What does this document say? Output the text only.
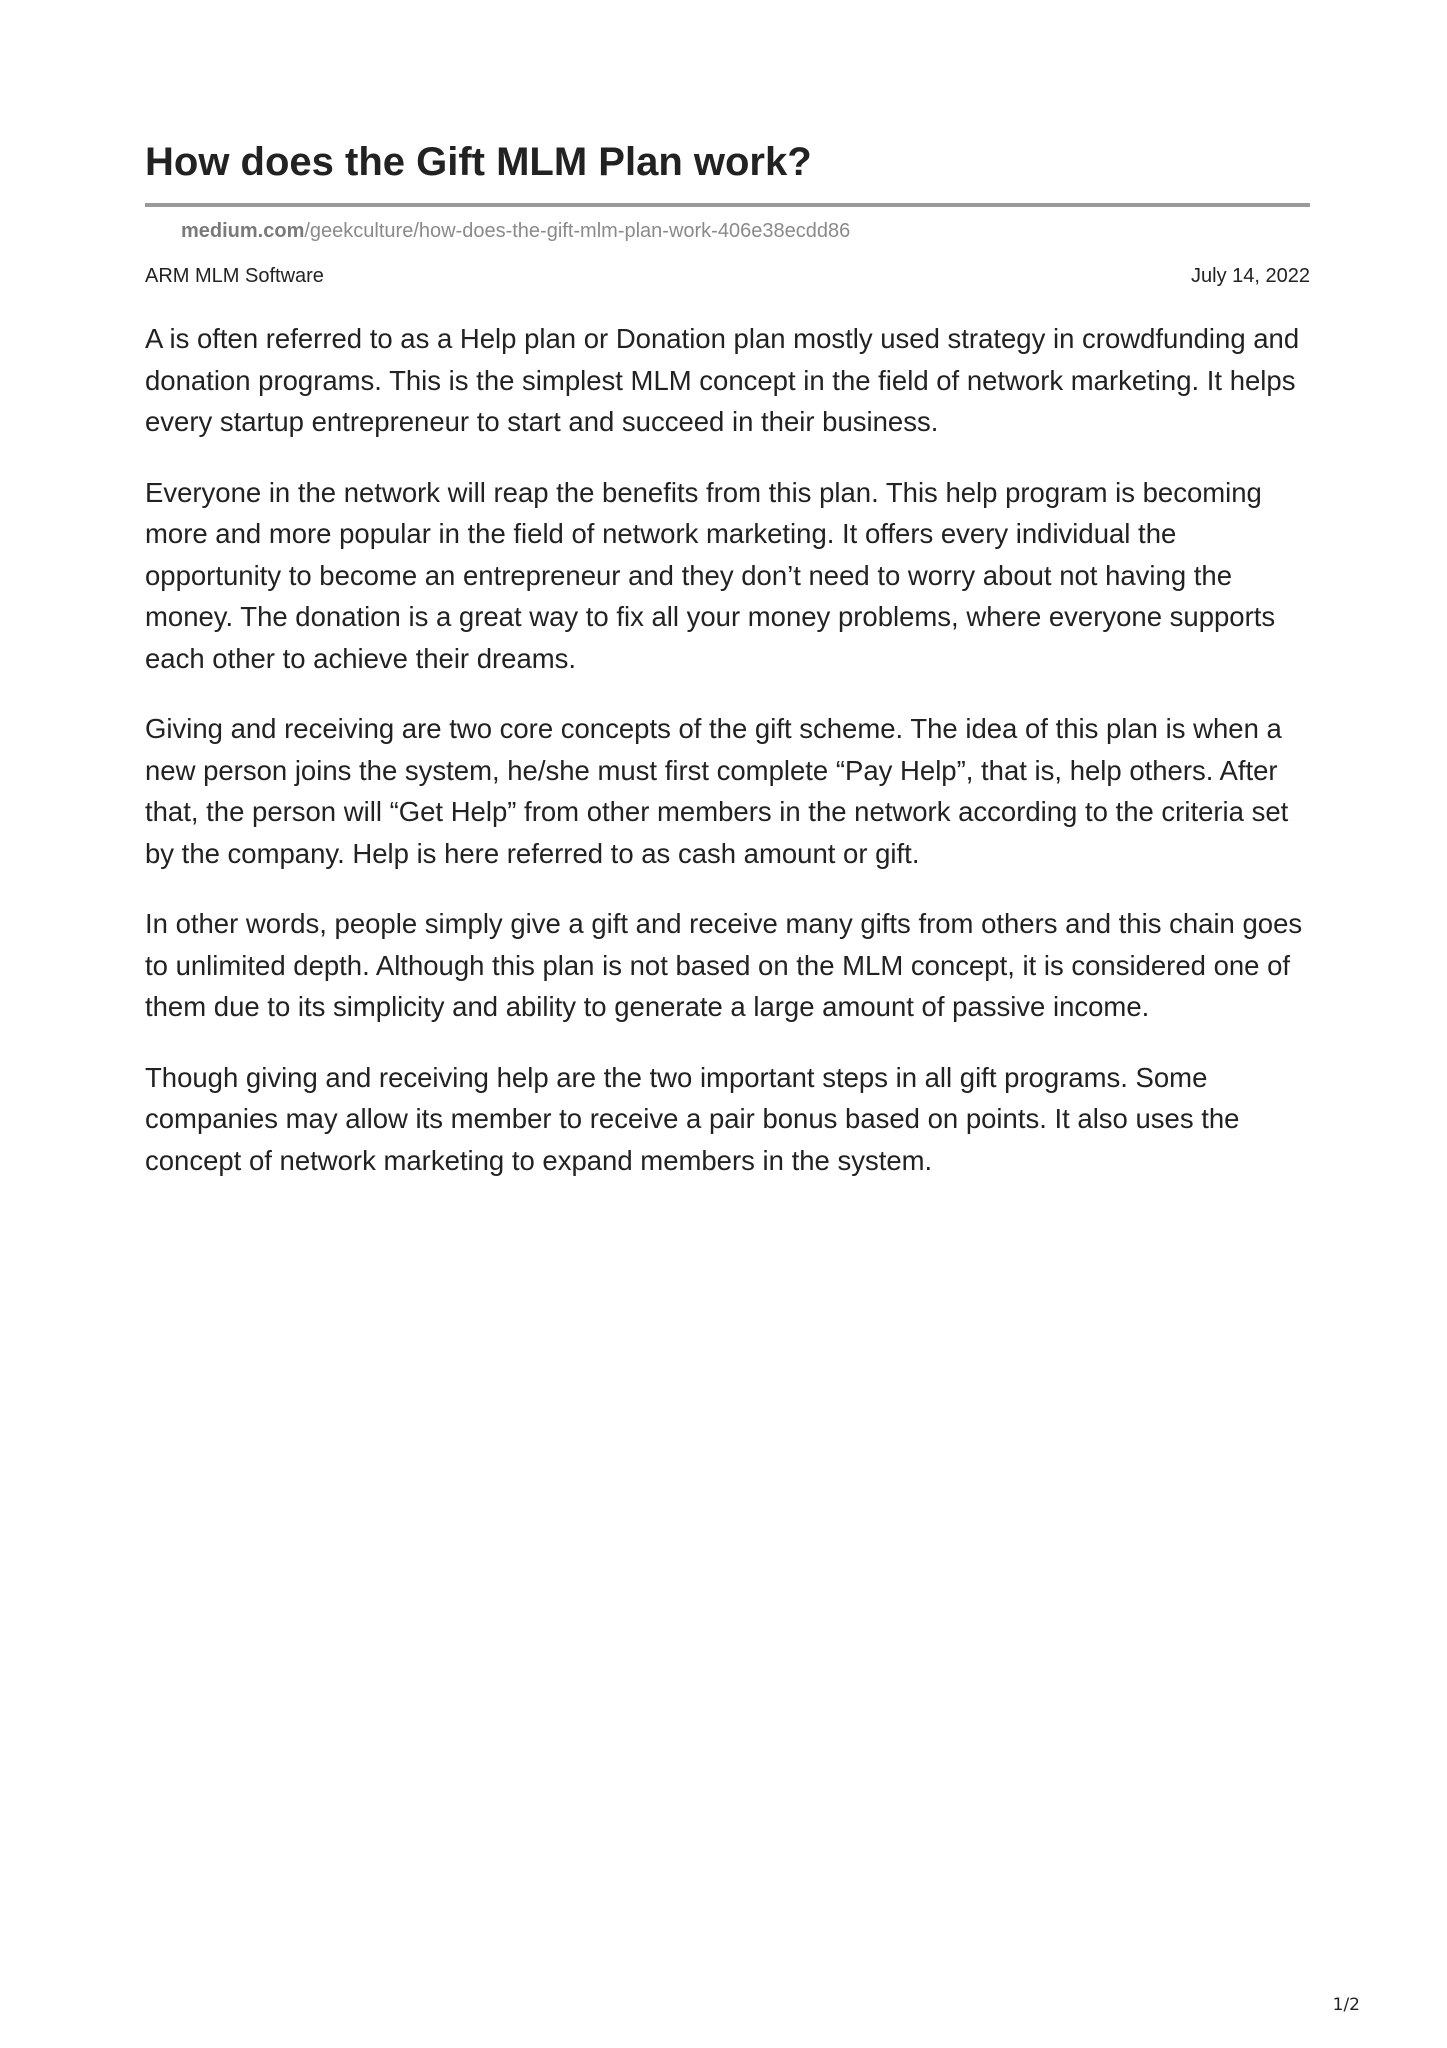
How does the Gift MLM Plan work?
medium.com/geekculture/how-does-the-gift-mlm-plan-work-406e38ecdd86
ARM MLM Software	July 14, 2022

A is often referred to as a Help plan or Donation plan mostly used strategy in crowdfunding and donation programs. This is the simplest MLM concept in the field of network marketing. It helps every startup entrepreneur to start and succeed in their business.

Everyone in the network will reap the benefits from this plan. This help program is becoming more and more popular in the field of network marketing. It offers every individual the opportunity to become an entrepreneur and they don’t need to worry about not having the money. The donation is a great way to fix all your money problems, where everyone supports each other to achieve their dreams.

Giving and receiving are two core concepts of the gift scheme. The idea of this plan is when a new person joins the system, he/she must first complete “Pay Help”, that is, help others. After that, the person will “Get Help” from other members in the network according to the criteria set by the company. Help is here referred to as cash amount or gift.

In other words, people simply give a gift and receive many gifts from others and this chain goes to unlimited depth. Although this plan is not based on the MLM concept, it is considered one of them due to its simplicity and ability to generate a large amount of passive income.

Though giving and receiving help are the two important steps in all gift programs. Some companies may allow its member to receive a pair bonus based on points. It also uses the concept of network marketing to expand members in the system.

1/2
